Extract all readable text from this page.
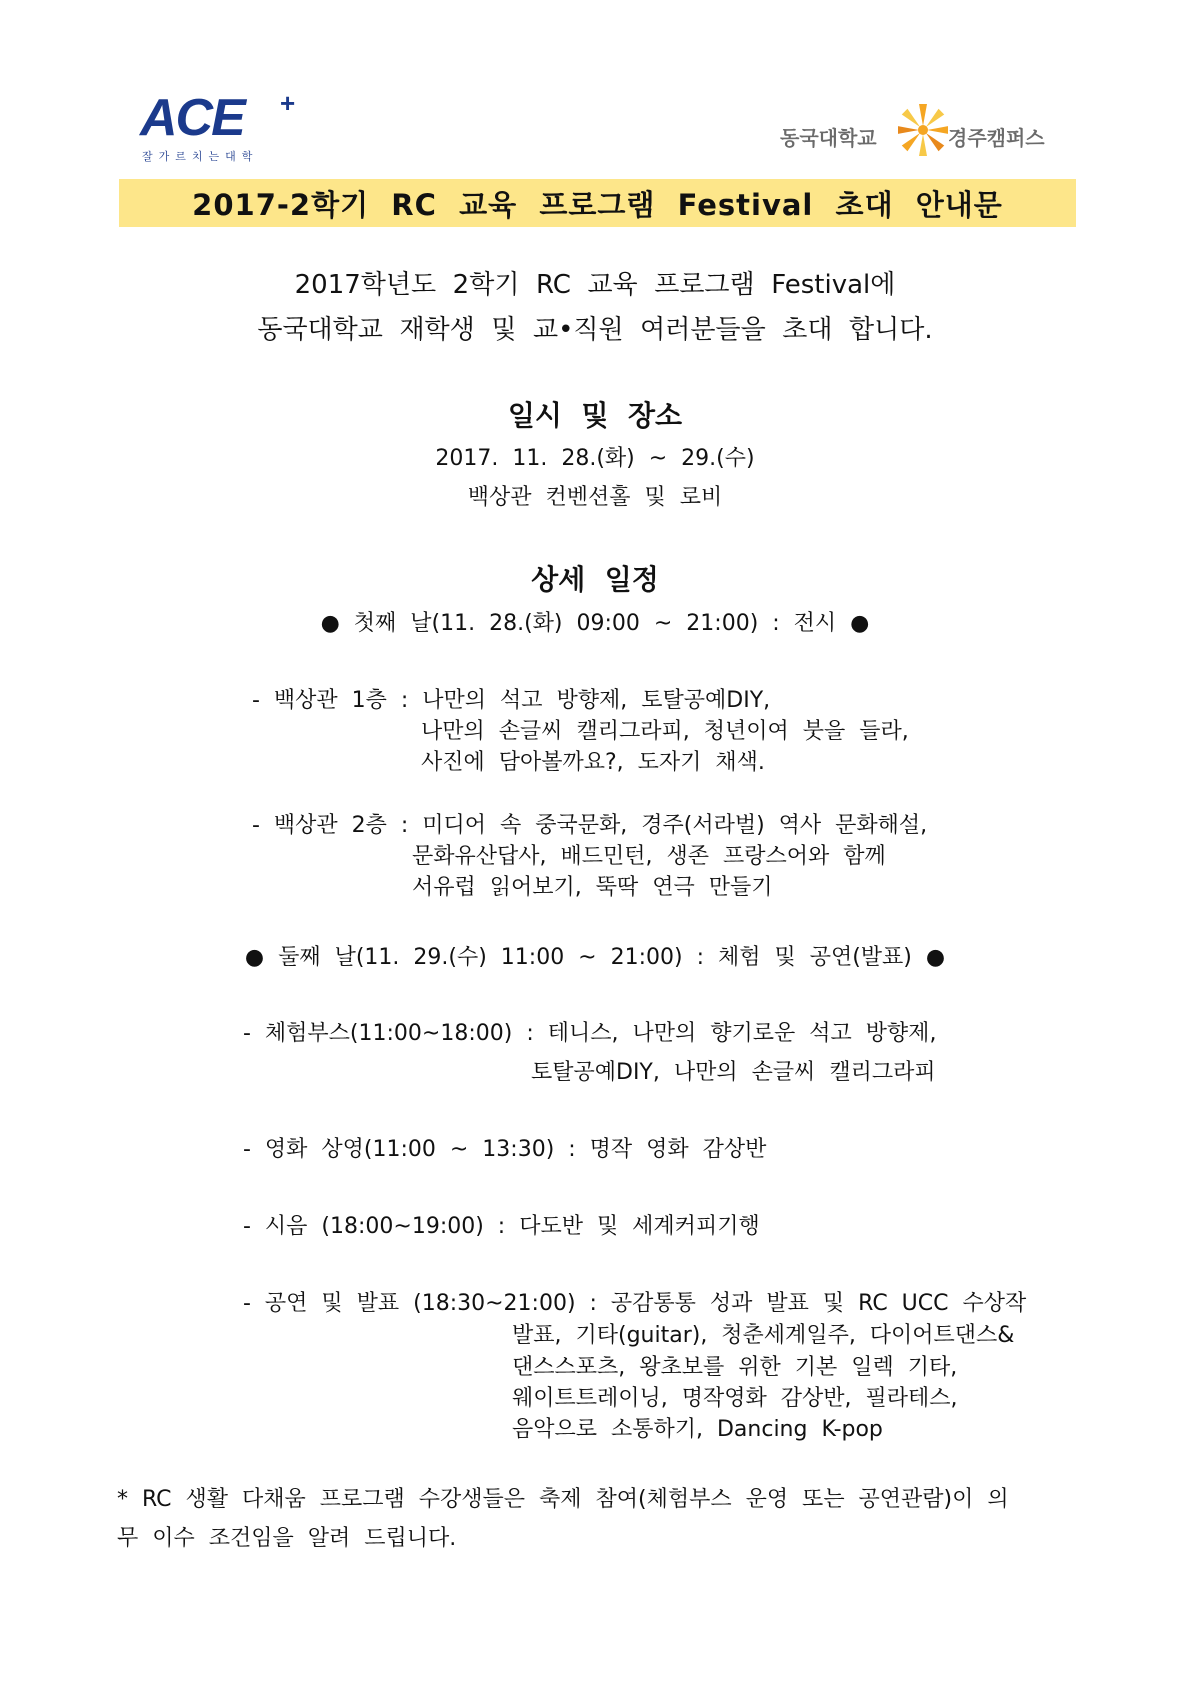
ACE +
잘가르치는대학
동국대학교	경주캠퍼스
2017-2학기  RC  교육  프로그램  Festival  초대  안내문
2017학년도  2학기  RC  교육  프로그램  Festival에
동국대학교  재학생  및  교•직원  여러분들을  초대  합니다.
일시  및  장소
2017.  11.  28.(화)  ~  29.(수)
백상관  컨벤션홀  및  로비
상세  일정
●  첫째  날(11.  28.(화)  09:00  ~  21:00)  :  전시  ●
-  백상관  1층  :  나만의  석고  방향제,  토탈공예DIY,
나만의  손글씨  캘리그라피,  청년이여  붓을  들라,
사진에  담아볼까요?,  도자기  채색.
-  백상관  2층  :  미디어  속  중국문화,  경주(서라벌)  역사  문화해설,
문화유산답사,  배드민턴,  생존  프랑스어와  함께
서유럽  읽어보기,  뚝딱  연극  만들기
●  둘째  날(11.  29.(수)  11:00  ~  21:00)  :  체험  및  공연(발표)  ●
-  체험부스(11:00~18:00)  :  테니스,  나만의  향기로운  석고  방향제,
토탈공예DIY,  나만의  손글씨  캘리그라피
-  영화  상영(11:00  ~  13:30)  :  명작  영화  감상반
-  시음  (18:00~19:00)  :  다도반  및  세계커피기행
-  공연  및  발표  (18:30~21:00)  :  공감통통  성과  발표  및  RC  UCC  수상작
발표,  기타(guitar),  청춘세계일주,  다이어트댄스&
댄스스포츠,  왕초보를  위한  기본  일렉  기타,
웨이트트레이닝,  명작영화  감상반,  필라테스,
음악으로  소통하기,  Dancing  K-pop
*  RC  생활  다채움  프로그램  수강생들은  축제  참여(체험부스  운영  또는  공연관람)이  의
무  이수  조건임을  알려  드립니다.
